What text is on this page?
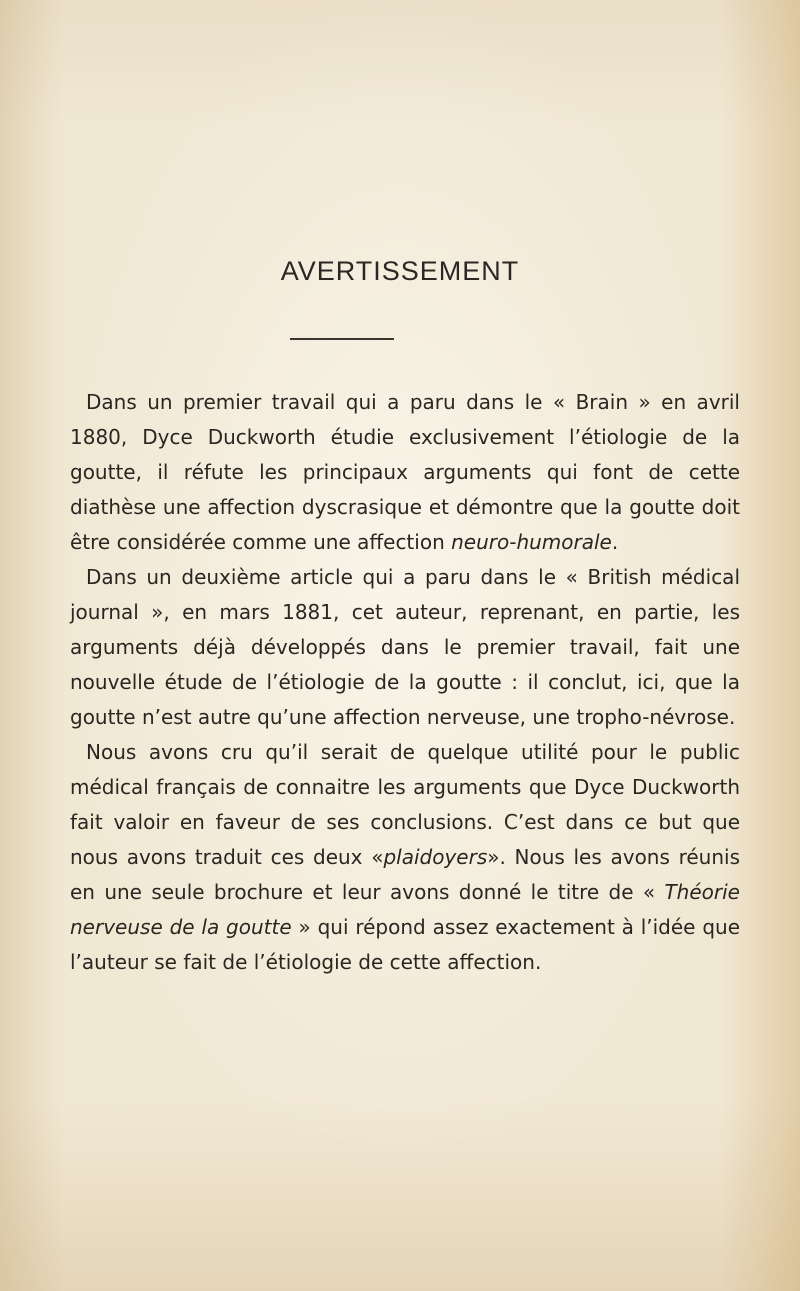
AVERTISSEMENT

Dans un premier travail qui a paru dans le « Brain » en avril 1880, Dyce Duckworth étudie exclusivement l’étiologie de la goutte, il réfute les principaux arguments qui font de cette diathèse une affection dyscrasique et démontre que la goutte doit être considérée comme une affection neuro-humorale.

Dans un deuxième article qui a paru dans le « British médical journal », en mars 1881, cet auteur, reprenant, en partie, les arguments déjà développés dans le premier travail, fait une nouvelle étude de l’étiologie de la goutte : il conclut, ici, que la goutte n’est autre qu’une affection nerveuse, une tropho-névrose.

Nous avons cru qu’il serait de quelque utilité pour le public médical français de connaitre les arguments que Dyce Duckworth fait valoir en faveur de ses conclusions. C’est dans ce but que nous avons traduit ces deux «plaidoyers». Nous les avons réunis en une seule brochure et leur avons donné le titre de « Théorie nerveuse de la goutte » qui répond assez exactement à l’idée que l’auteur se fait de l’étiologie de cette affection.
